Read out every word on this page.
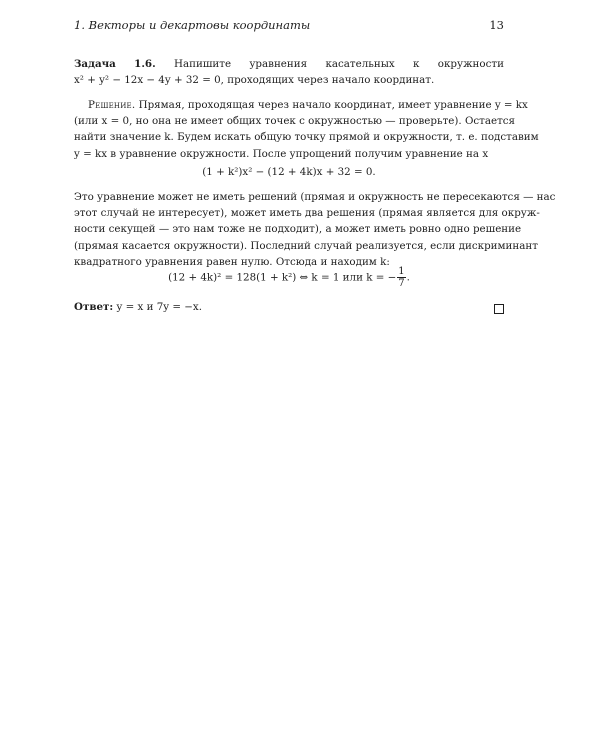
1. Векторы и декартовы координаты	13
Задача 1.6. Напишите уравнения касательных к окружности
x² + y² − 12x − 4y + 32 = 0, проходящих через начало координат.
Решение. Прямая, проходящая через начало координат, имеет уравнение y = kx
(или x = 0, но она не имеет общих точек с окружностью — проверьте). Остается
найти значение k. Будем искать общую точку прямой и окружности, т. е. подставим
y = kx в уравнение окружности. После упрощений получим уравнение на x
(1 + k²)x² − (12 + 4k)x + 32 = 0.
Это уравнение может не иметь решений (прямая и окружность не пересекаются — нас
этот случай не интересует), может иметь два решения (прямая является для окруж-
ности секущей — это нам тоже не подходит), а может иметь ровно одно решение
(прямая касается окружности). Последний случай реализуется, если дискриминант
квадратного уравнения равен нулю. Отсюда и находим k:
(12 + 4k)² = 128(1 + k²) ⇔ k = 1 или k = − $\frac{1}{7}$ .
Ответ: y = x и 7y = −x.
